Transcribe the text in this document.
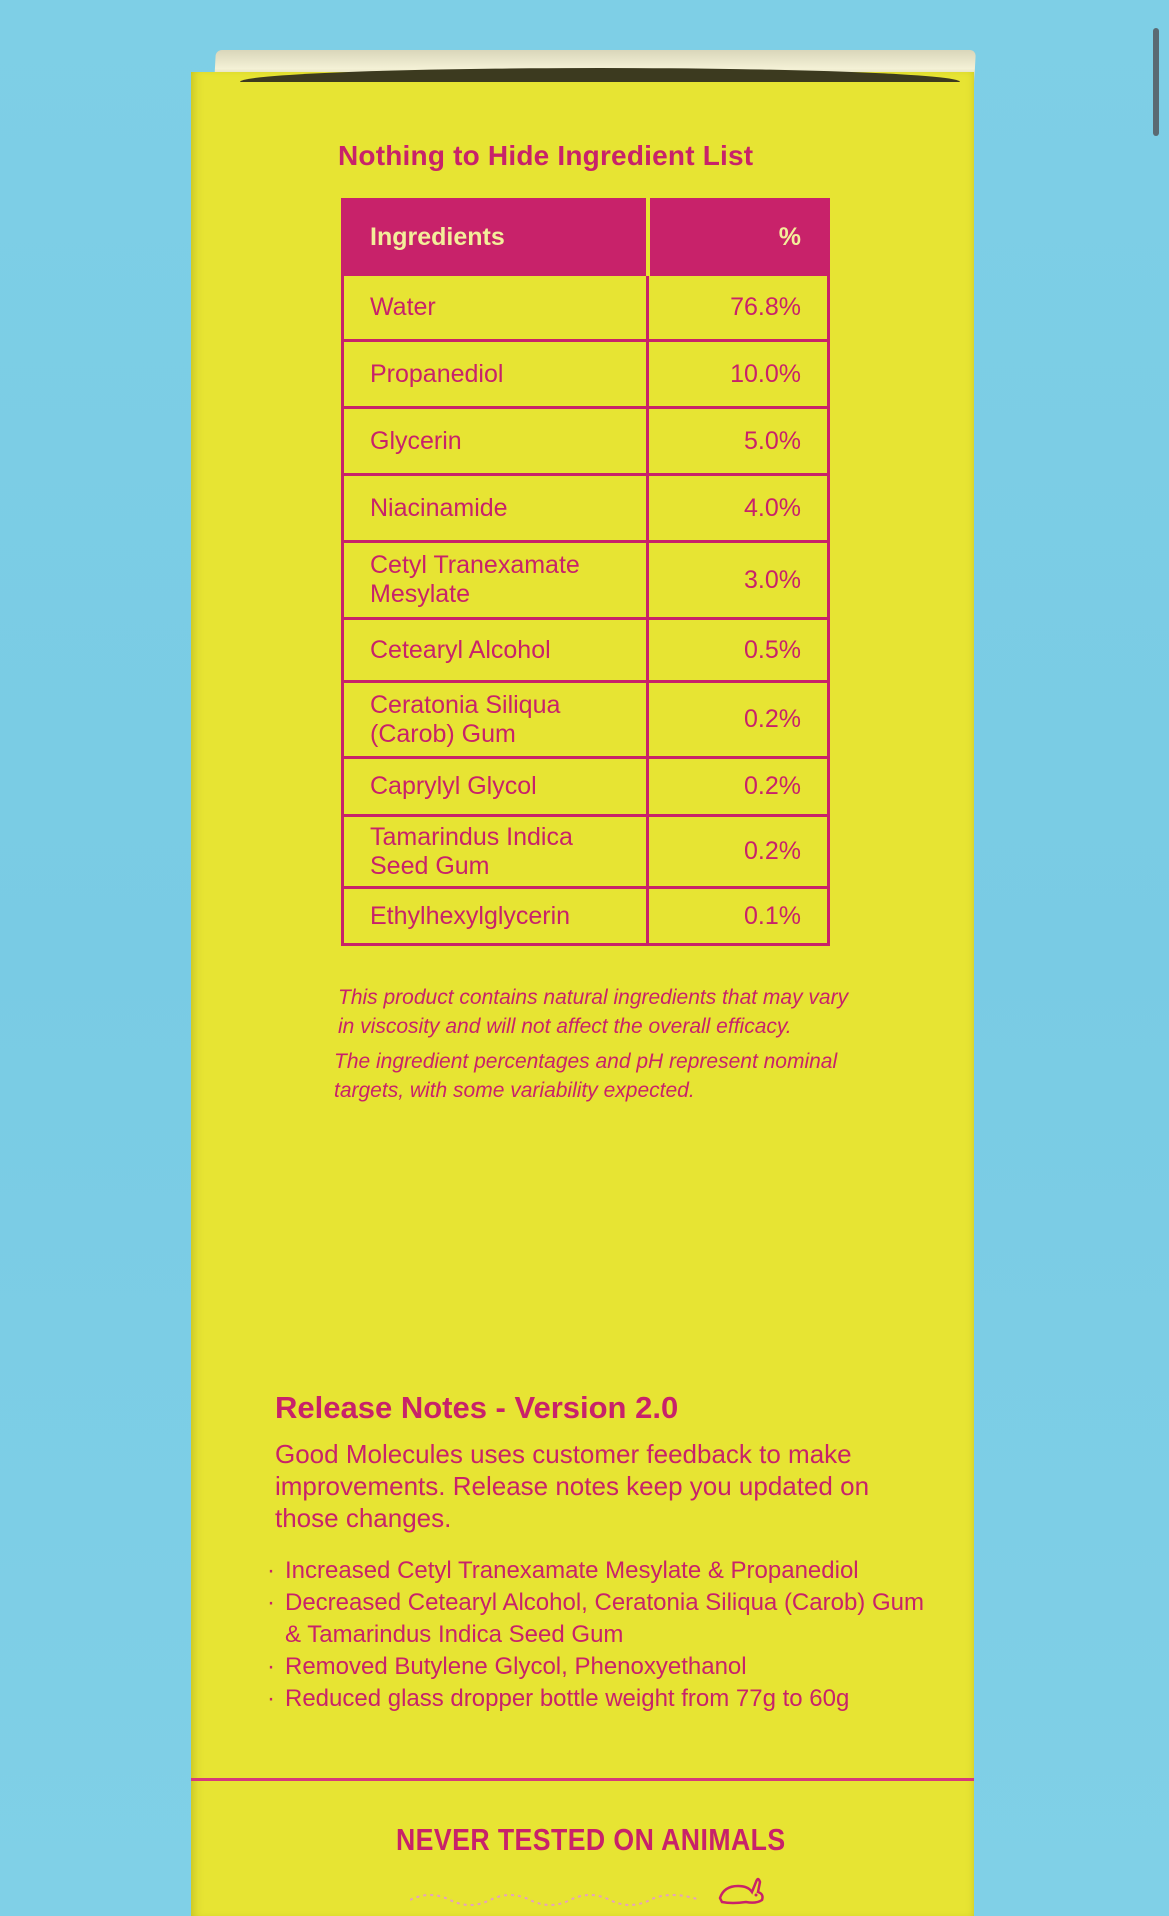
Nothing to Hide Ingredient List
Ingredients	%
Water	76.8%
Propanediol	10.0%
Glycerin	5.0%
Niacinamide	4.0%
Cetyl Tranexamate Mesylate	3.0%
Cetearyl Alcohol	0.5%
Ceratonia Siliqua (Carob) Gum	0.2%
Caprylyl Glycol	0.2%
Tamarindus Indica Seed Gum	0.2%
Ethylhexylglycerin	0.1%

This product contains natural ingredients that may vary in viscosity and will not affect the overall efficacy.

The ingredient percentages and pH represent nominal targets, with some variability expected.

Release Notes - Version 2.0
Good Molecules uses customer feedback to make improvements. Release notes keep you updated on those changes.
· Increased Cetyl Tranexamate Mesylate & Propanediol
· Decreased Cetearyl Alcohol, Ceratonia Siliqua (Carob) Gum & Tamarindus Indica Seed Gum
· Removed Butylene Glycol, Phenoxyethanol
· Reduced glass dropper bottle weight from 77g to 60g
NEVER TESTED ON ANIMALS
